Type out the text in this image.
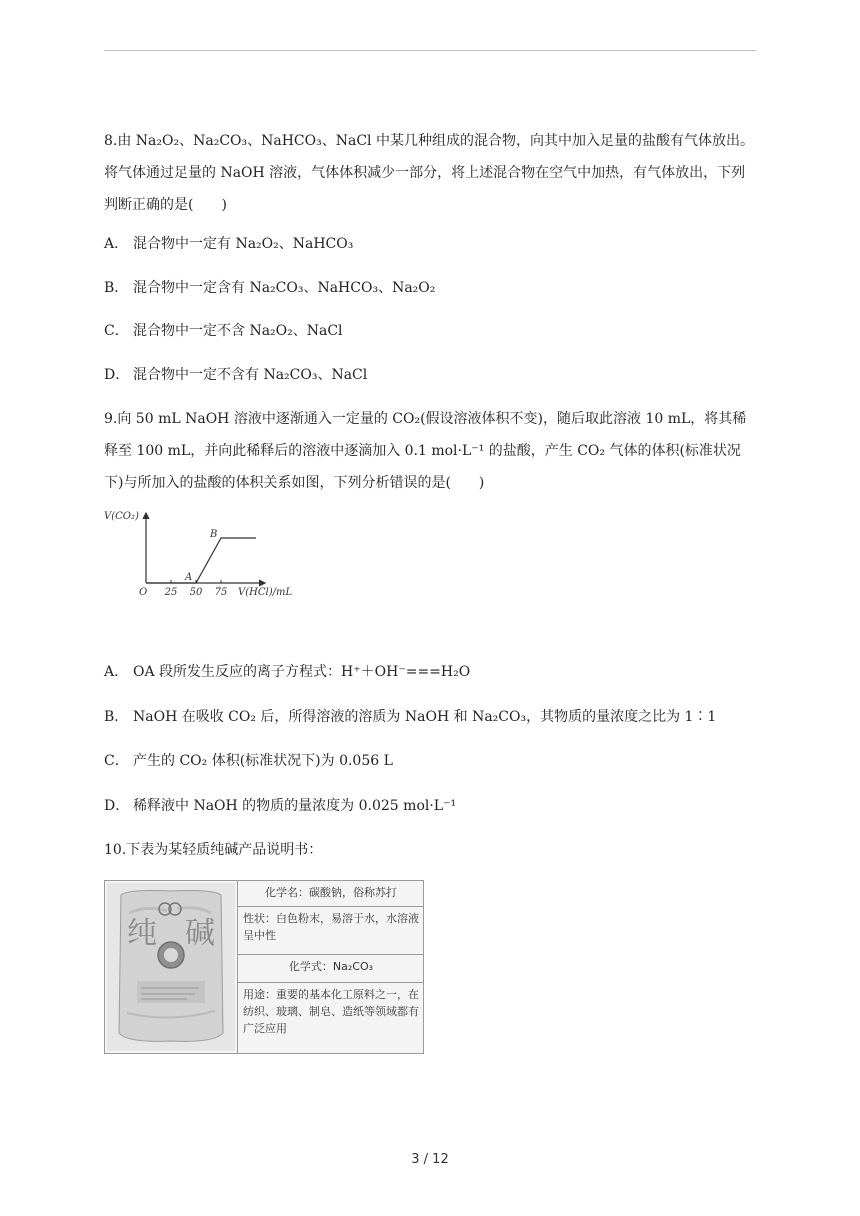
8.由 Na₂O₂、Na₂CO₃、NaHCO₃、NaCl 中某几种组成的混合物，向其中加入足量的盐酸有气体放出。将气体通过足量的 NaOH 溶液，气体体积减少一部分，将上述混合物在空气中加热，有气体放出，下列判断正确的是(　　)

A． 混合物中一定有 Na₂O₂、NaHCO₃

B． 混合物中一定含有 Na₂CO₃、NaHCO₃、Na₂O₂

C． 混合物中一定不含 Na₂O₂、NaCl

D． 混合物中一定不含有 Na₂CO₃、NaCl

9.向 50 mL NaOH 溶液中逐渐通入一定量的 CO₂(假设溶液体积不变)，随后取此溶液 10 mL，将其稀释至 100 mL，并向此稀释后的溶液中逐滴加入 0.1 mol·L⁻¹ 的盐酸，产生 CO₂ 气体的体积(标准状况下)与所加入的盐酸的体积关系如图，下列分析错误的是(　　)

V(CO₂)
V(HCl)/mL
O 25 50 75
A
B

A． OA 段所发生反应的离子方程式：H⁺＋OH⁻===H₂O

B． NaOH 在吸收 CO₂ 后，所得溶液的溶质为 NaOH 和 Na₂CO₃，其物质的量浓度之比为 1∶1

C． 产生的 CO₂ 体积(标准状况下)为 0.056 L

D． 稀释液中 NaOH 的物质的量浓度为 0.025 mol·L⁻¹

10.下表为某轻质纯碱产品说明书：

纯 碱
化学名：碳酸钠，俗称苏打
性状：白色粉末，易溶于水，水溶液呈中性
化学式：Na₂CO₃
用途：重要的基本化工原料之一，在纺织、玻璃、制皂、造纸等领域都有广泛应用
3 / 12
